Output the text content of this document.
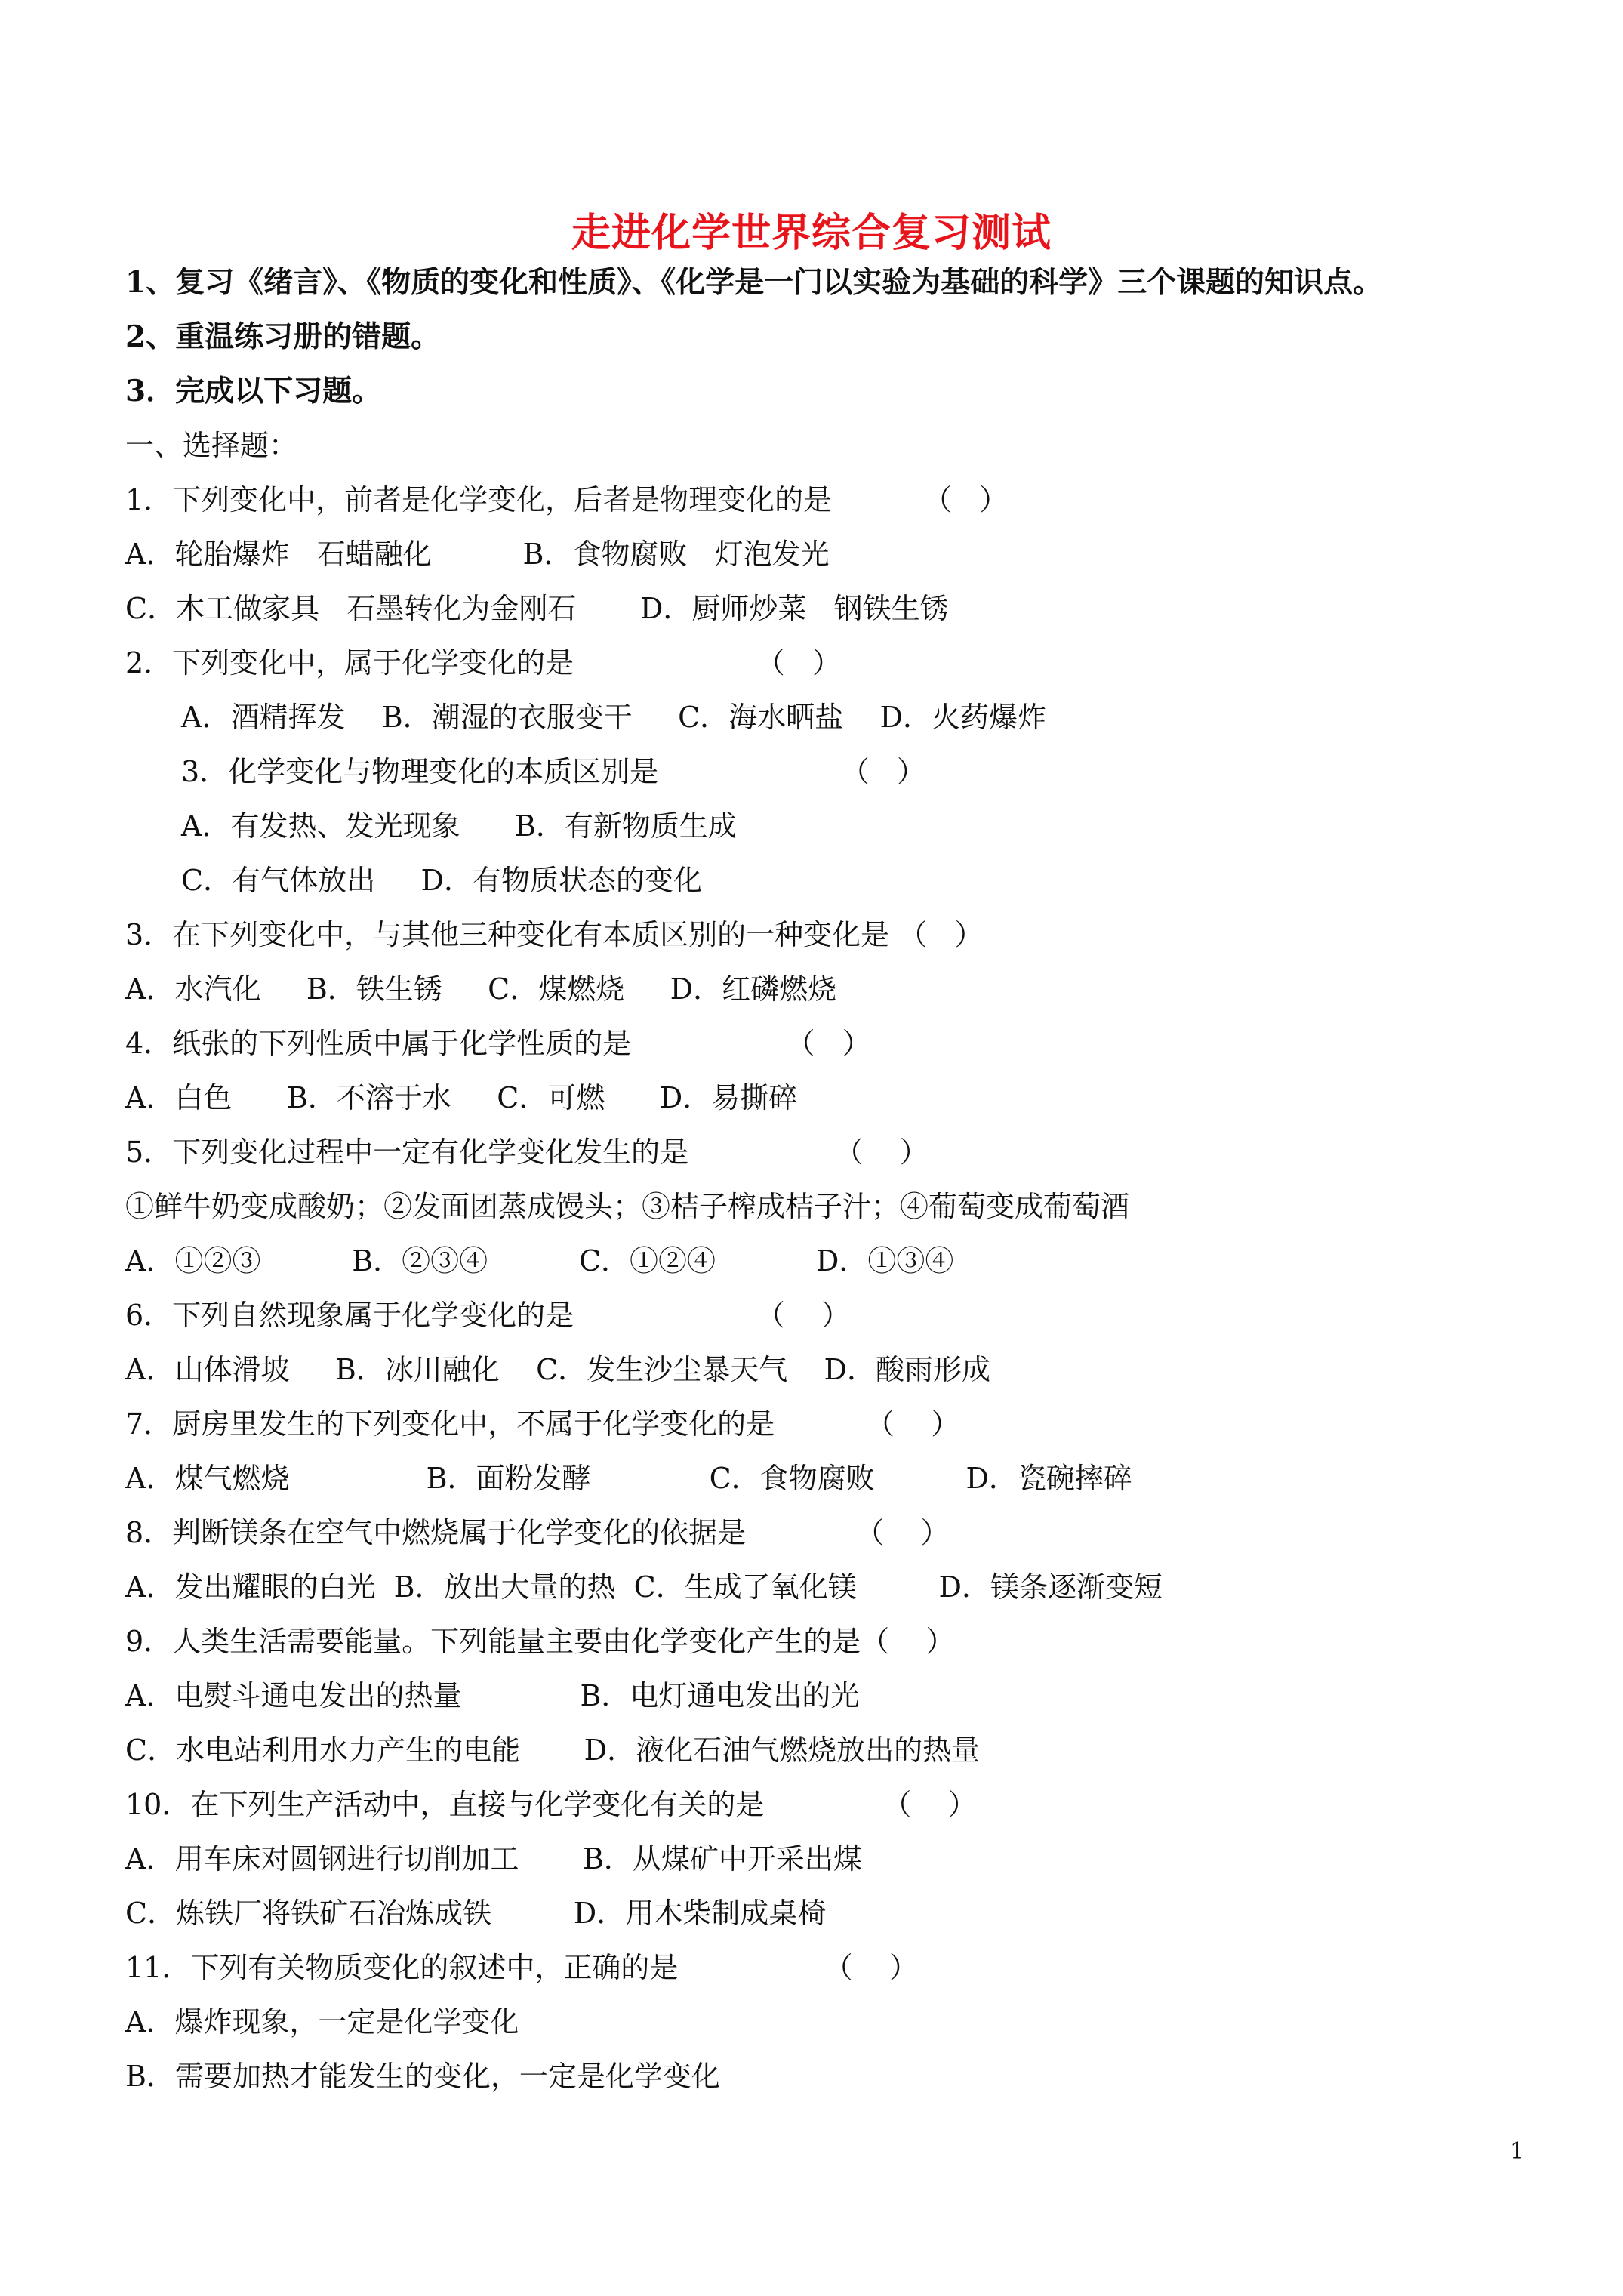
走进化学世界综合复习测试
1、复习《绪言》、《物质的变化和性质》、《化学是一门以实验为基础的科学》三个课题的知识点。
2、重温练习册的错题。
3．完成以下习题。
一、选择题：
1．下列变化中，前者是化学变化，后者是物理变化的是          （   ）
A．轮胎爆炸   石蜡融化          B．食物腐败   灯泡发光
C．木工做家具   石墨转化为金刚石       D．厨师炒菜   钢铁生锈
2．下列变化中，属于化学变化的是                    （   ）
A．酒精挥发    B．潮湿的衣服变干     C．海水晒盐    D．火药爆炸
3．化学变化与物理变化的本质区别是                    （   ）
A．有发热、发光现象      B．有新物质生成
C．有气体放出     D．有物质状态的变化
3．在下列变化中，与其他三种变化有本质区别的一种变化是 （   ）
A．水汽化     B．铁生锈     C．煤燃烧     D．红磷燃烧
4．纸张的下列性质中属于化学性质的是                 （   ）
A．白色      B．不溶于水     C．可燃      D．易撕碎
5．下列变化过程中一定有化学变化发生的是                （    ）
①鲜牛奶变成酸奶；②发面团蒸成馒头；③桔子榨成桔子汁；④葡萄变成葡萄酒
A．①②③          B．②③④          C．①②④           D．①③④
6．下列自然现象属于化学变化的是                    （    ）
A．山体滑坡     B．冰川融化    C．发生沙尘暴天气    D．酸雨形成
7．厨房里发生的下列变化中，不属于化学变化的是          （    ）
A．煤气燃烧               B．面粉发酵             C．食物腐败          D．瓷碗摔碎
8．判断镁条在空气中燃烧属于化学变化的依据是            （    ）
A．发出耀眼的白光  B．放出大量的热  C．生成了氧化镁         D．镁条逐渐变短
9．人类生活需要能量。下列能量主要由化学变化产生的是（    ）
A．电熨斗通电发出的热量             B．电灯通电发出的光
C．水电站利用水力产生的电能       D．液化石油气燃烧放出的热量
10．在下列生产活动中，直接与化学变化有关的是             （    ）
A．用车床对圆钢进行切削加工       B．从煤矿中开采出煤
C．炼铁厂将铁矿石冶炼成铁         D．用木柴制成桌椅
11．下列有关物质变化的叙述中，正确的是                （    ）
A．爆炸现象，一定是化学变化
B．需要加热才能发生的变化，一定是化学变化
1
